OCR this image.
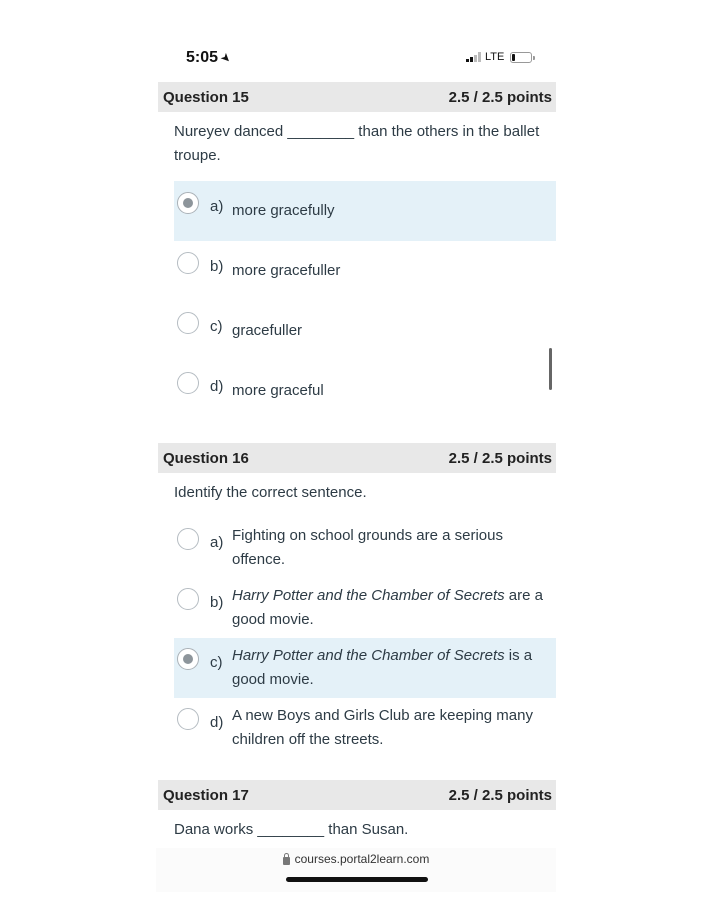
5:05 ➤	LTE
Question 15	2.5 / 2.5 points
Nureyev danced ________ than the others in the ballet troupe.
a) more gracefully
b) more gracefuller
c) gracefuller
d) more graceful
Question 16	2.5 / 2.5 points
Identify the correct sentence.
a) Fighting on school grounds are a serious offence.
b) Harry Potter and the Chamber of Secrets are a good movie.
c) Harry Potter and the Chamber of Secrets is a good movie.
d) A new Boys and Girls Club are keeping many children off the streets.
Question 17	2.5 / 2.5 points
Dana works ________ than Susan.
courses.portal2learn.com
